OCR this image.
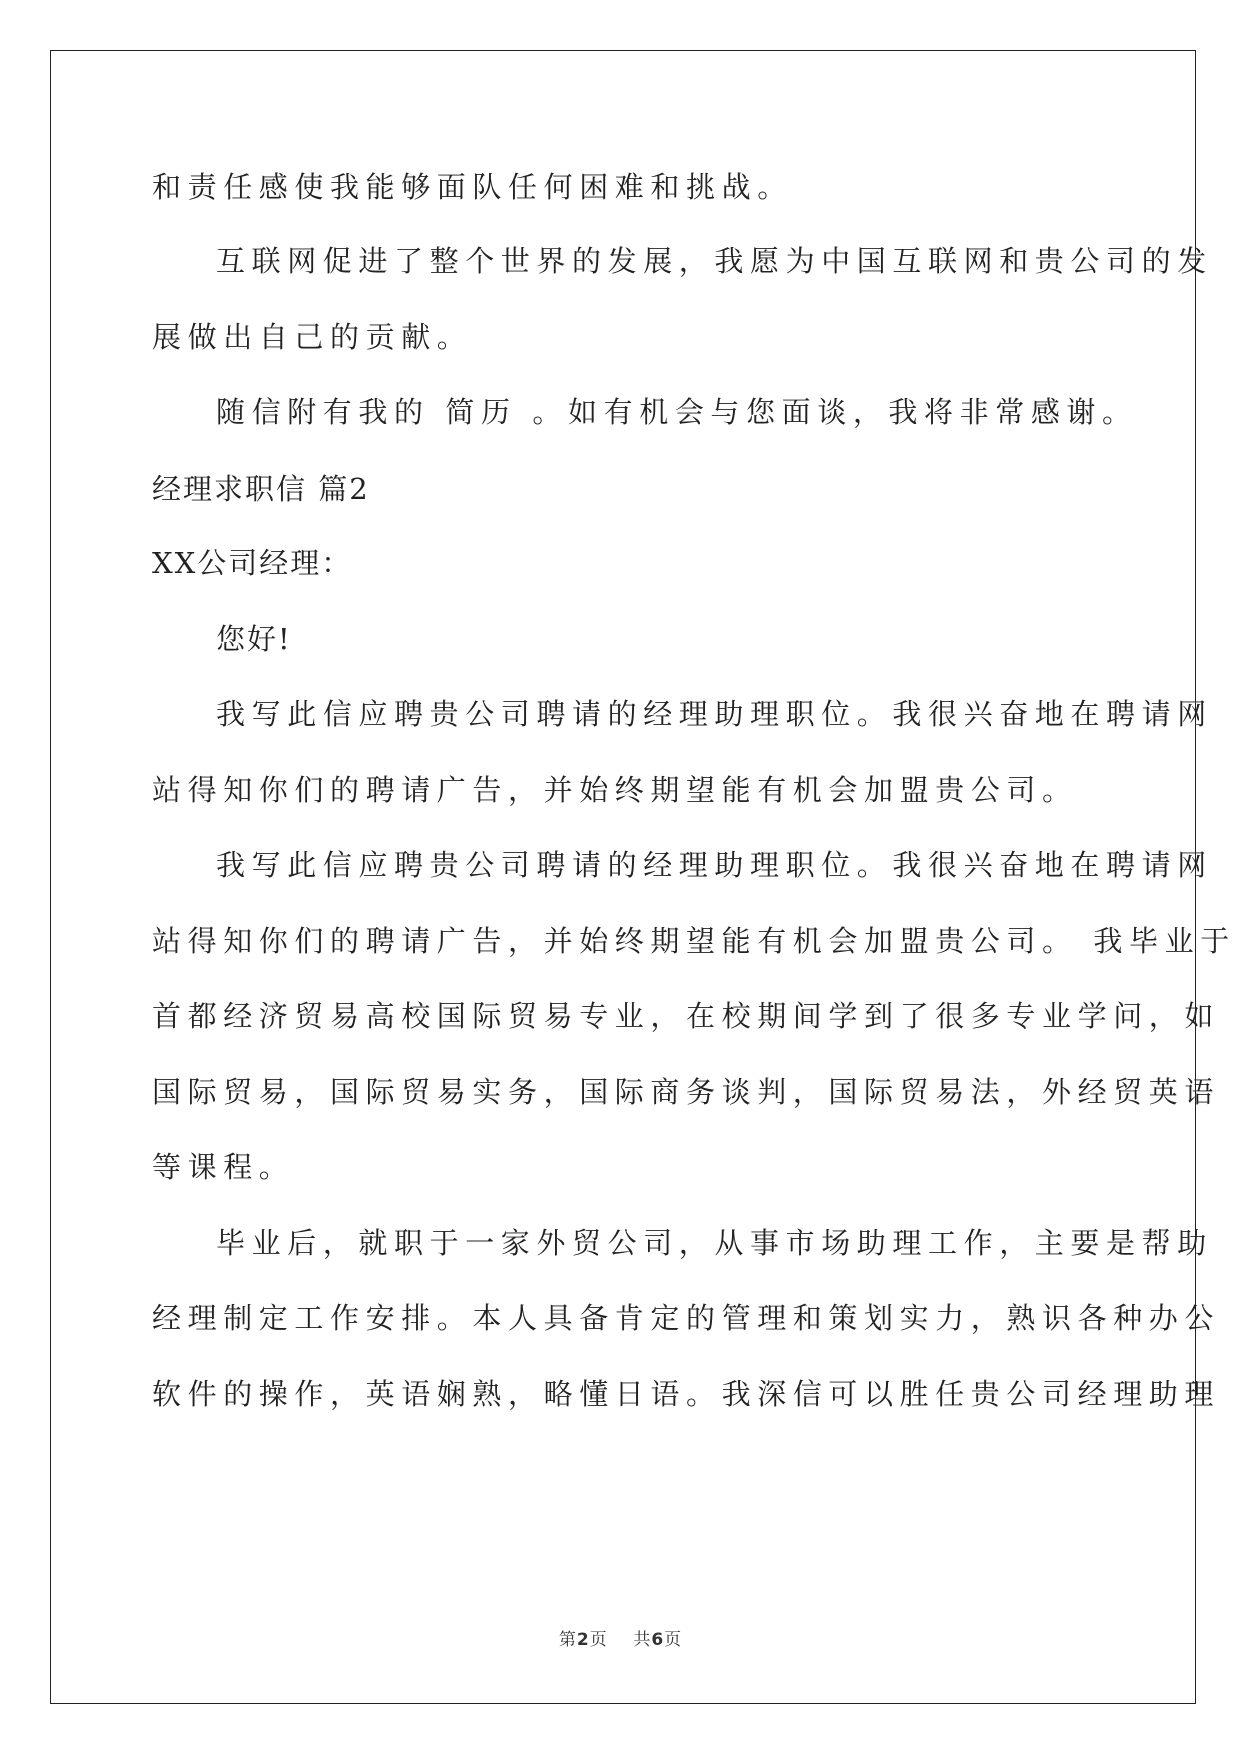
和责任感使我能够面队任何困难和挑战。
互联网促进了整个世界的发展，我愿为中国互联网和贵公司的发
展做出自己的贡献。
随信附有我的 简历 。如有机会与您面谈，我将非常感谢。
经理求职信 篇2
XX公司经理：
您好!
我写此信应聘贵公司聘请的经理助理职位。我很兴奋地在聘请网
站得知你们的聘请广告，并始终期望能有机会加盟贵公司。
我写此信应聘贵公司聘请的经理助理职位。我很兴奋地在聘请网
站得知你们的聘请广告，并始终期望能有机会加盟贵公司。 我毕业于
首都经济贸易高校国际贸易专业，在校期间学到了很多专业学问，如
国际贸易，国际贸易实务，国际商务谈判，国际贸易法，外经贸英语
等课程。
毕业后，就职于一家外贸公司，从事市场助理工作，主要是帮助
经理制定工作安排。本人具备肯定的管理和策划实力，熟识各种办公
软件的操作，英语娴熟，略懂日语。我深信可以胜任贵公司经理助理
第2页 共6页
